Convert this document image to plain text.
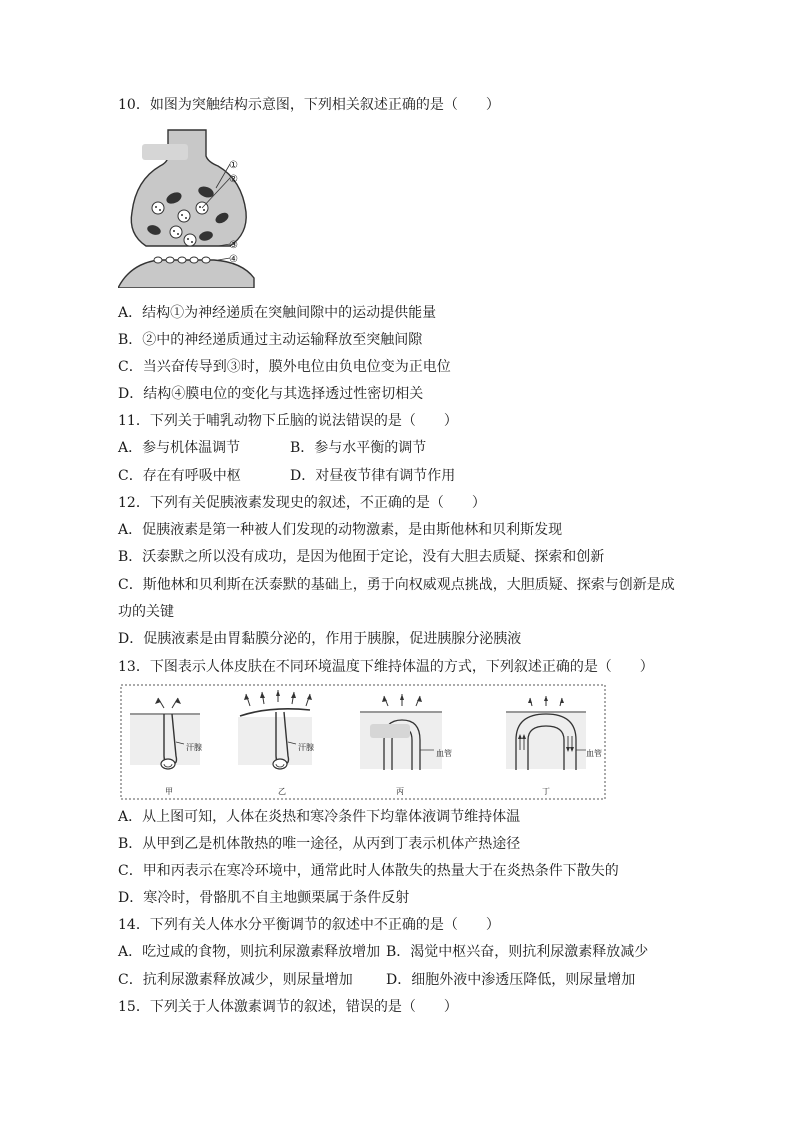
10．如图为突触结构示意图，下列相关叙述正确的是（　　）
①
②
③
④
A．结构①为神经递质在突触间隙中的运动提供能量
B．②中的神经递质通过主动运输释放至突触间隙
C．当兴奋传导到③时，膜外电位由负电位变为正电位
D．结构④膜电位的变化与其选择透过性密切相关
11．下列关于哺乳动物下丘脑的说法错误的是（　　）
A．参与机体温调节	B．参与水平衡的调节
C．存在有呼吸中枢	D．对昼夜节律有调节作用
12．下列有关促胰液素发现史的叙述，不正确的是（　　）
A．促胰液素是第一种被人们发现的动物激素，是由斯他林和贝利斯发现
B．沃泰默之所以没有成功，是因为他囿于定论，没有大胆去质疑、探索和创新
C．斯他林和贝利斯在沃泰默的基础上，勇于向权威观点挑战，大胆质疑、探索与创新是成
功的关键
D．促胰液素是由胃黏膜分泌的，作用于胰腺，促进胰腺分泌胰液
13．下图表示人体皮肤在不同环境温度下维持体温的方式，下列叙述正确的是（　　）
汗腺	汗腺
血管	血管
甲	乙	丙	丁
A．从上图可知，人体在炎热和寒冷条件下均靠体液调节维持体温
B．从甲到乙是机体散热的唯一途径，从丙到丁表示机体产热途径
C．甲和丙表示在寒冷环境中，通常此时人体散失的热量大于在炎热条件下散失的
D．寒冷时，骨骼肌不自主地颤栗属于条件反射
14．下列有关人体水分平衡调节的叙述中不正确的是（　　）
A．吃过咸的食物，则抗利尿激素释放增加 B．渴觉中枢兴奋，则抗利尿激素释放减少
C．抗利尿激素释放减少，则尿量增加 D．细胞外液中渗透压降低，则尿量增加
15．下列关于人体激素调节的叙述，错误的是（　　）
